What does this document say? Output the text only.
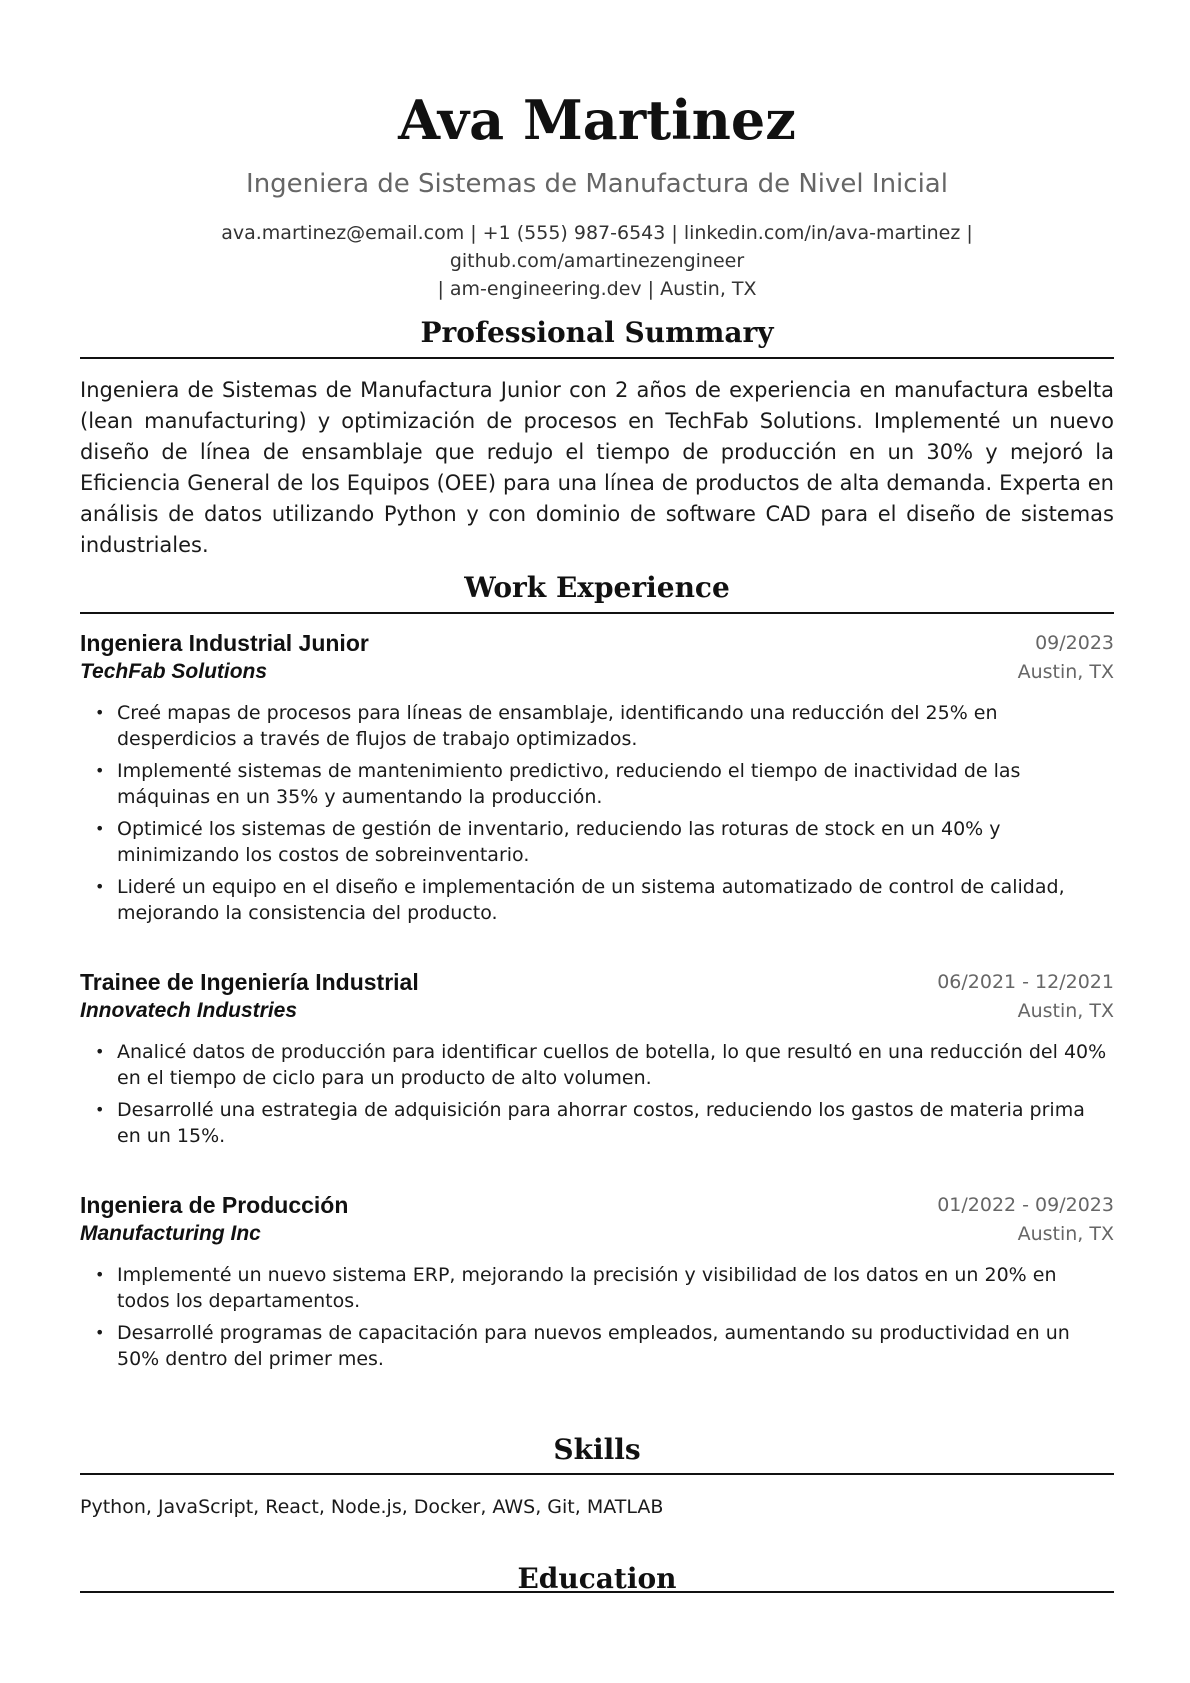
Ava Martinez
Ingeniera de Sistemas de Manufactura de Nivel Inicial
ava.martinez@email.com | +1 (555) 987-6543 | linkedin.com/in/ava-martinez | github.com/amartinezengineer
| am-engineering.dev | Austin, TX
Professional Summary
Ingeniera de Sistemas de Manufactura Junior con 2 años de experiencia en manufactura esbelta (lean manufacturing) y optimización de procesos en TechFab Solutions. Implementé un nuevo diseño de línea de ensamblaje que redujo el tiempo de producción en un 30% y mejoró la Eficiencia General de los Equipos (OEE) para una línea de productos de alta demanda. Experta en análisis de datos utilizando Python y con dominio de software CAD para el diseño de sistemas industriales.
Work Experience
Ingeniera Industrial Junior	09/2023
TechFab Solutions	Austin, TX
• Creé mapas de procesos para líneas de ensamblaje, identificando una reducción del 25% en desperdicios a través de flujos de trabajo optimizados.
• Implementé sistemas de mantenimiento predictivo, reduciendo el tiempo de inactividad de las máquinas en un 35% y aumentando la producción.
• Optimicé los sistemas de gestión de inventario, reduciendo las roturas de stock en un 40% y minimizando los costos de sobreinventario.
• Lideré un equipo en el diseño e implementación de un sistema automatizado de control de calidad, mejorando la consistencia del producto.
Trainee de Ingeniería Industrial	06/2021 - 12/2021
Innovatech Industries	Austin, TX
• Analicé datos de producción para identificar cuellos de botella, lo que resultó en una reducción del 40% en el tiempo de ciclo para un producto de alto volumen.
• Desarrollé una estrategia de adquisición para ahorrar costos, reduciendo los gastos de materia prima en un 15%.
Ingeniera de Producción	01/2022 - 09/2023
Manufacturing Inc	Austin, TX
• Implementé un nuevo sistema ERP, mejorando la precisión y visibilidad de los datos en un 20% en todos los departamentos.
• Desarrollé programas de capacitación para nuevos empleados, aumentando su productividad en un 50% dentro del primer mes.
Skills
Python, JavaScript, React, Node.js, Docker, AWS, Git, MATLAB
Education
